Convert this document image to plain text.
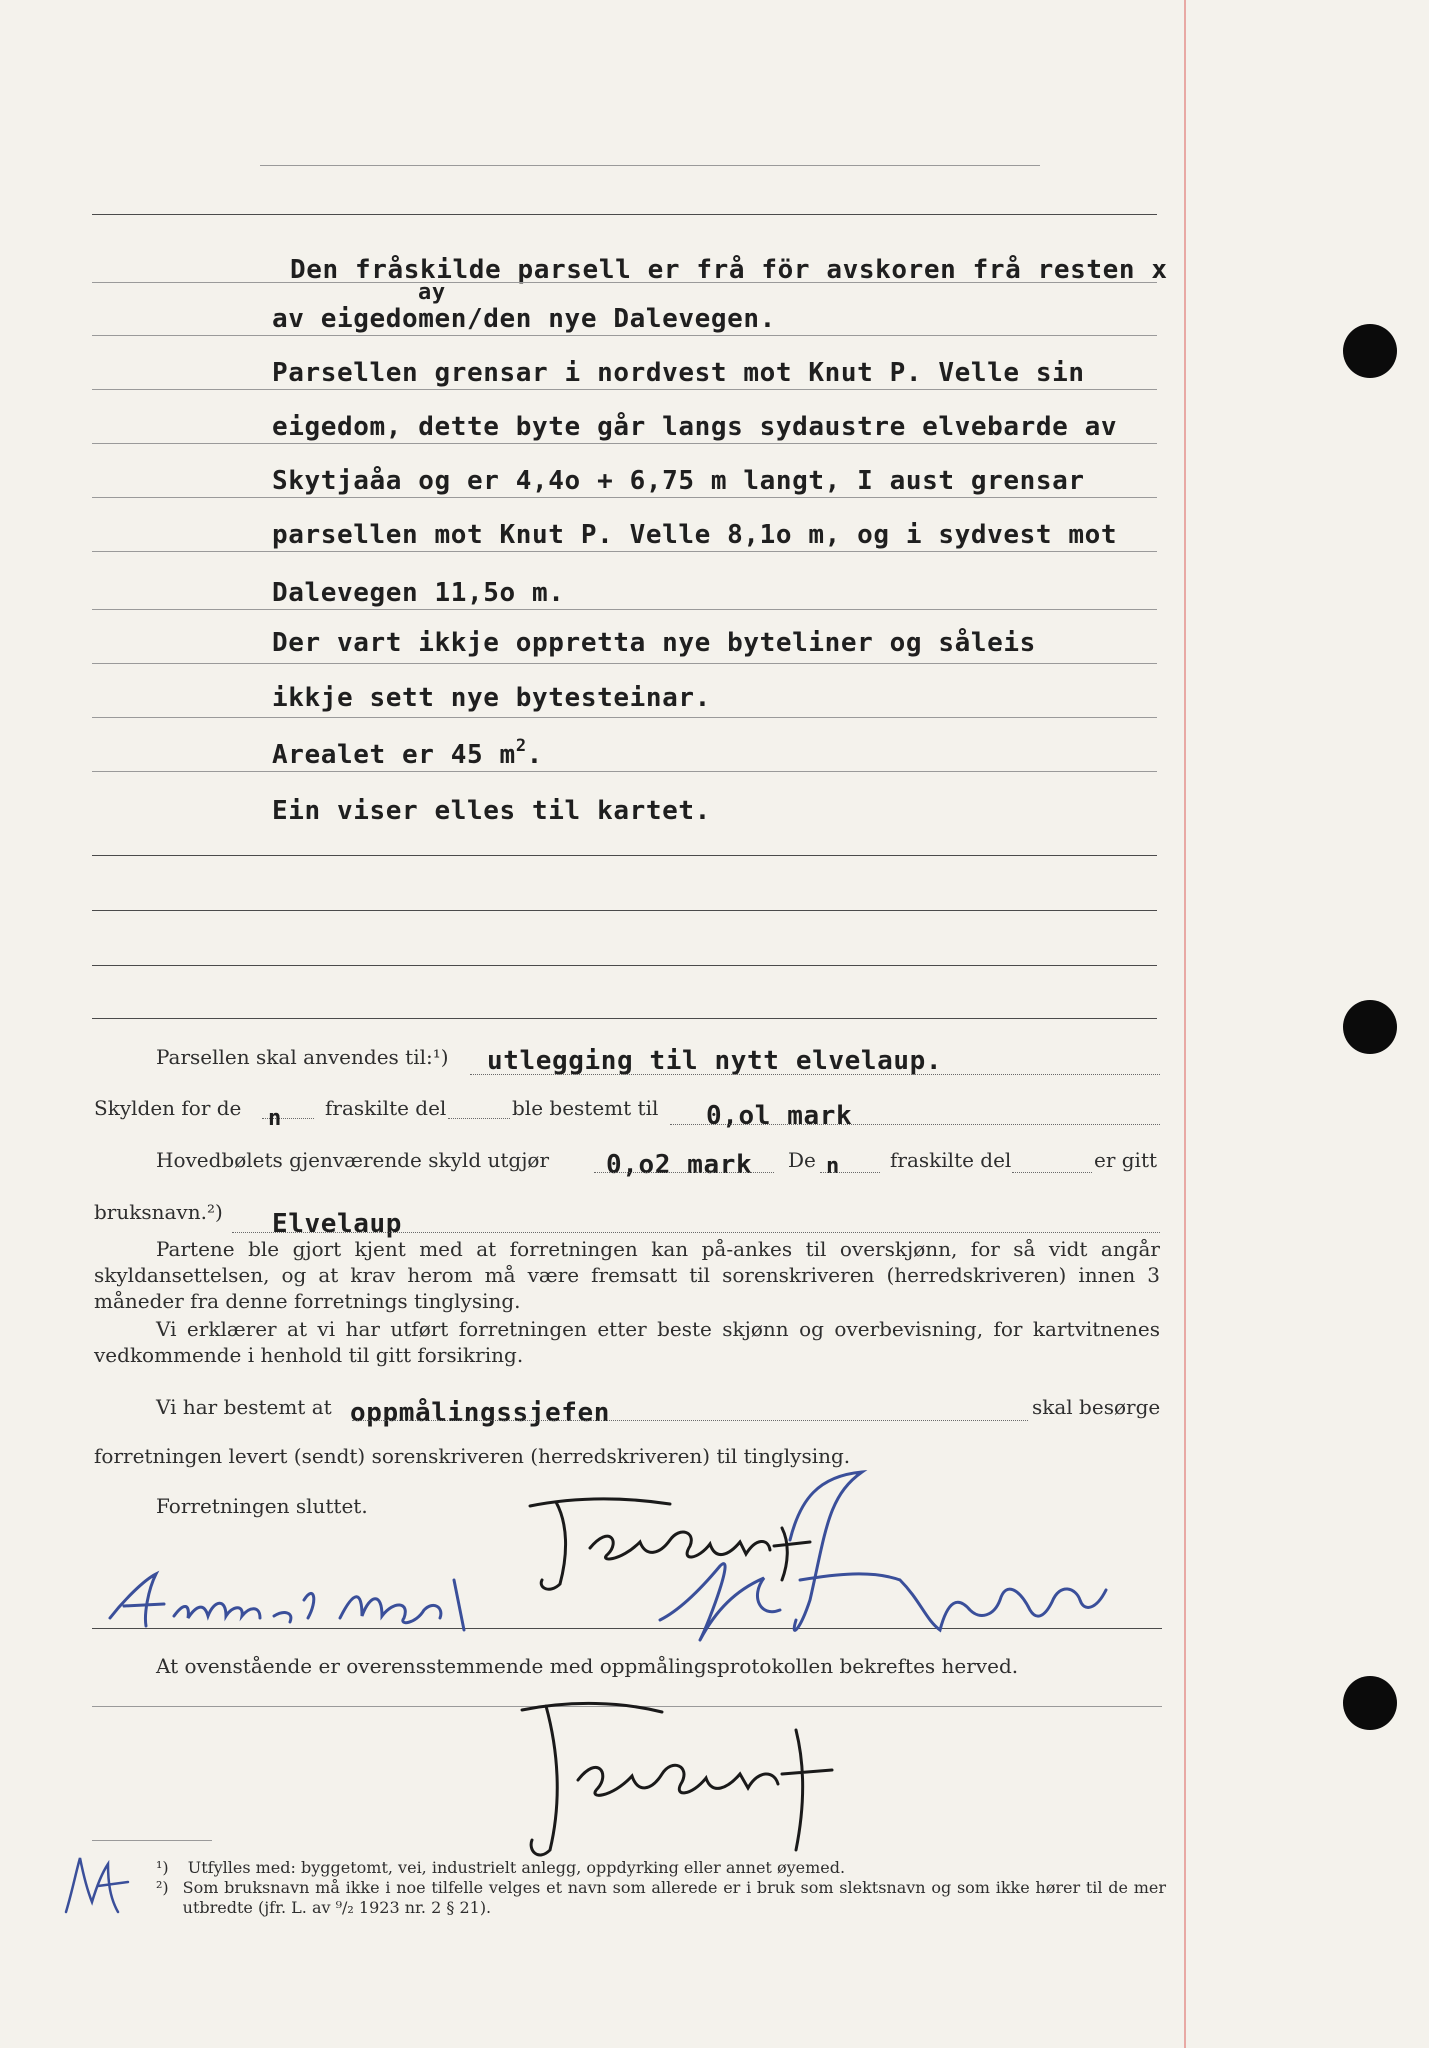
Den fråskilde parsell er frå för avskoren frå resten x
ay
av eigedomen/den nye Dalevegen.
Parsellen grensar i nordvest mot Knut P. Velle sin
eigedom, dette byte går langs sydaustre elvebarde av
Skytjaåa og er 4,4o + 6,75 m langt, I aust grensar
parsellen mot Knut P. Velle 8,1o m, og i sydvest mot
Dalevegen 11,5o m.
Der vart ikkje oppretta nye byteliner og såleis
ikkje sett nye bytesteinar.
Arealet er 45 $m^2$.
Ein viser elles til kartet.
Parsellen skal anvendes til:¹) utlegging til nytt elvelaup.
Skylden for de n fraskilte del	ble bestemt til 0,ol mark
Hovedbølets gjenværende skyld utgjør 0,o2 mark De n	fraskilte del	er gitt
bruksnavn.²) Elvelaup

Partene ble gjort kjent med at forretningen kan på-ankes til overskjønn, for så vidt angår skyldansettelsen, og at krav herom må være fremsatt til sorenskriveren (herredskriveren) innen 3 måneder fra denne forretnings tinglysing.

Vi erklærer at vi har utført forretningen etter beste skjønn og overbevisning, for kartvitnenes vedkommende i henhold til gitt forsikring.

Vi har bestemt at oppmålingssjefen	skal besørge
forretningen levert (sendt) sorenskriveren (herredskriveren) til tinglysing.
Forretningen sluttet.
At ovenstående er overensstemmende med oppmålingsprotokollen bekreftes herved.
¹) Utfylles med: byggetomt, vei, industrielt anlegg, oppdyrking eller annet øyemed.
²) Som bruksnavn må ikke i noe tilfelle velges et navn som allerede er i bruk som slektsnavn og som ikke hører til de mer utbredte (jfr. L. av ⁹/₂ 1923 nr. 2 § 21).
